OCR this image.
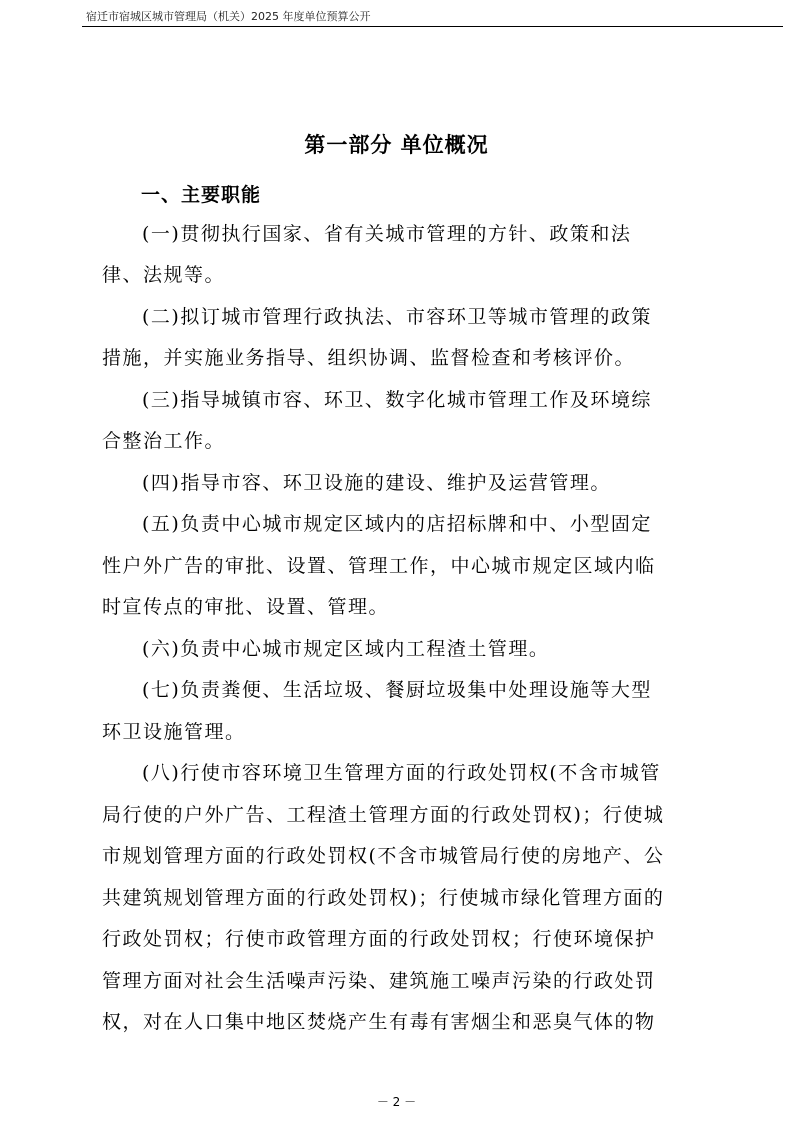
宿迁市宿城区城市管理局（机关）2025 年度单位预算公开
第一部分 单位概况
一、主要职能
(一)贯彻执行国家、省有关城市管理的方针、政策和法
律、法规等。
(二)拟订城市管理行政执法、市容环卫等城市管理的政策
措施，并实施业务指导、组织协调、监督检查和考核评价。
(三)指导城镇市容、环卫、数字化城市管理工作及环境综
合整治工作。
(四)指导市容、环卫设施的建设、维护及运营管理。
(五)负责中心城市规定区域内的店招标牌和中、小型固定
性户外广告的审批、设置、管理工作，中心城市规定区域内临
时宣传点的审批、设置、管理。
(六)负责中心城市规定区域内工程渣土管理。
(七)负责粪便、生活垃圾、餐厨垃圾集中处理设施等大型
环卫设施管理。
(八)行使市容环境卫生管理方面的行政处罚权(不含市城管
局行使的户外广告、工程渣土管理方面的行政处罚权)；行使城
市规划管理方面的行政处罚权(不含市城管局行使的房地产、公
共建筑规划管理方面的行政处罚权)；行使城市绿化管理方面的
行政处罚权；行使市政管理方面的行政处罚权；行使环境保护
管理方面对社会生活噪声污染、建筑施工噪声污染的行政处罚
权，对在人口集中地区焚烧产生有毒有害烟尘和恶臭气体的物
－ 2 －
